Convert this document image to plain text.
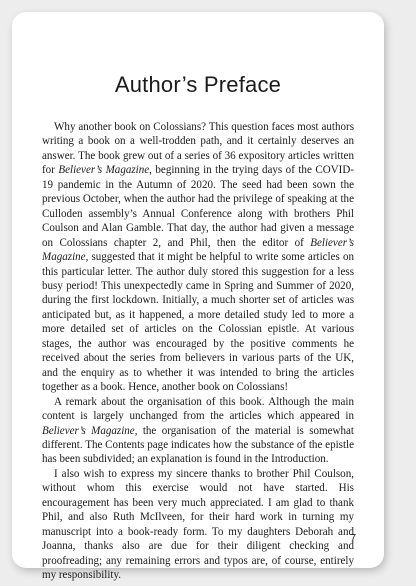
Author’s Preface

Why another book on Colossians? This question faces most authors writing a book on a well-trodden path, and it certainly deserves an answer. The book grew out of a series of 36 expository articles written for Believer’s Magazine, beginning in the trying days of the COVID-19 pandemic in the Autumn of 2020. The seed had been sown the previous October, when the author had the privilege of speaking at the Culloden assembly’s Annual Conference along with brothers Phil Coulson and Alan Gamble. That day, the author had given a message on Colossians chapter 2, and Phil, then the editor of Believer’s Magazine, suggested that it might be helpful to write some articles on this particular letter. The author duly stored this suggestion for a less busy period! This unexpectedly came in Spring and Summer of 2020, during the first lockdown. Initially, a much shorter set of articles was anticipated but, as it happened, a more detailed study led to more a more detailed set of articles on the Colossian epistle. At various stages, the author was encouraged by the positive comments he received about the series from believers in various parts of the UK, and the enquiry as to whether it was intended to bring the articles together as a book. Hence, another book on Colossians!

A remark about the organisation of this book. Although the main content is largely unchanged from the articles which appeared in Believer’s Magazine, the organisation of the material is somewhat different. The Contents page indicates how the substance of the epistle has been subdivided; an explanation is found in the Introduction.

I also wish to express my sincere thanks to brother Phil Coulson, without whom this exercise would not have started. His encouragement has been very much appreciated. I am glad to thank Phil, and also Ruth McIlveen, for their hard work in turning my manuscript into a book-ready form. To my daughters Deborah and Joanna, thanks also are due for their diligent checking and proofreading; any remaining errors and typos are, of course, entirely my responsibility.

7
